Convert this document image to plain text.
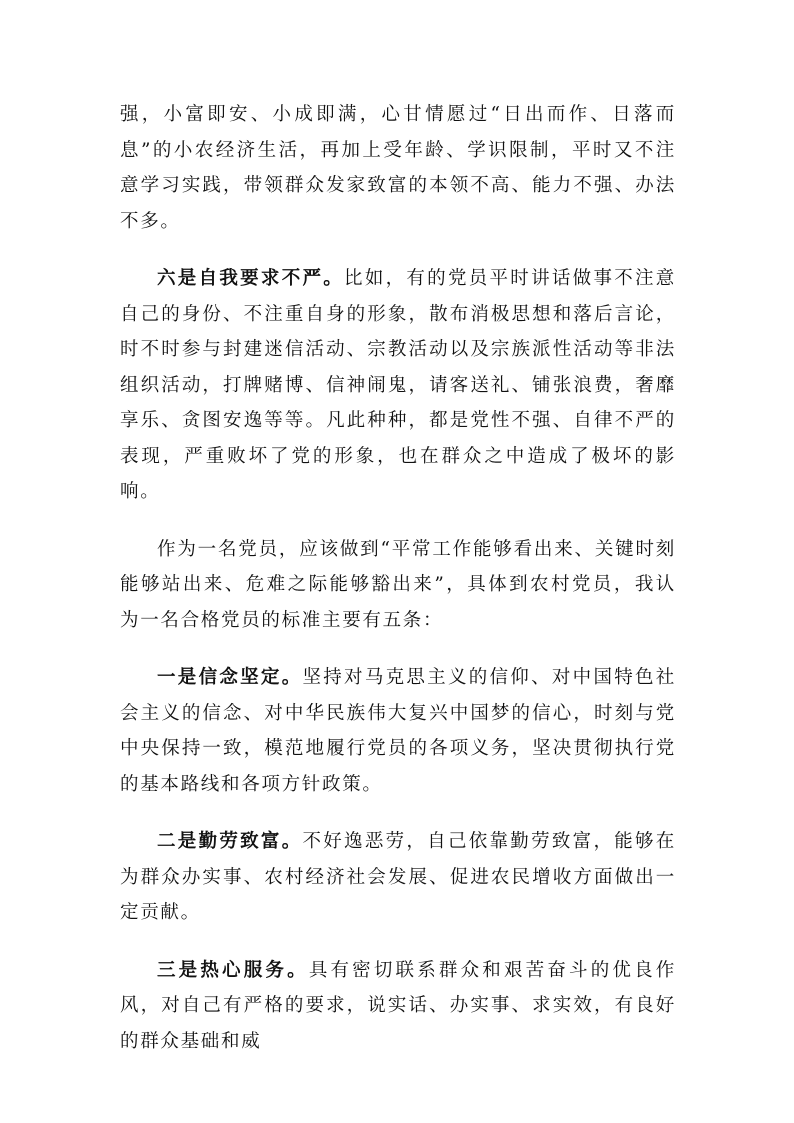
强，小富即安、小成即满，心甘情愿过“日出而作、日落而息”的小农经济生活，再加上受年龄、学识限制，平时又不注意学习实践，带领群众发家致富的本领不高、能力不强、办法不多。

六是自我要求不严。比如，有的党员平时讲话做事不注意自己的身份、不注重自身的形象，散布消极思想和落后言论，时不时参与封建迷信活动、宗教活动以及宗族派性活动等非法组织活动，打牌赌博、信神闹鬼，请客送礼、铺张浪费，奢靡享乐、贪图安逸等等。凡此种种，都是党性不强、自律不严的表现，严重败坏了党的形象，也在群众之中造成了极坏的影响。

作为一名党员，应该做到“平常工作能够看出来、关键时刻能够站出来、危难之际能够豁出来”，具体到农村党员，我认为一名合格党员的标准主要有五条：

一是信念坚定。坚持对马克思主义的信仰、对中国特色社会主义的信念、对中华民族伟大复兴中国梦的信心，时刻与党中央保持一致，模范地履行党员的各项义务，坚决贯彻执行党的基本路线和各项方针政策。

二是勤劳致富。不好逸恶劳，自己依靠勤劳致富，能够在为群众办实事、农村经济社会发展、促进农民增收方面做出一定贡献。

三是热心服务。具有密切联系群众和艰苦奋斗的优良作风，对自己有严格的要求，说实话、办实事、求实效，有良好的群众基础和威
